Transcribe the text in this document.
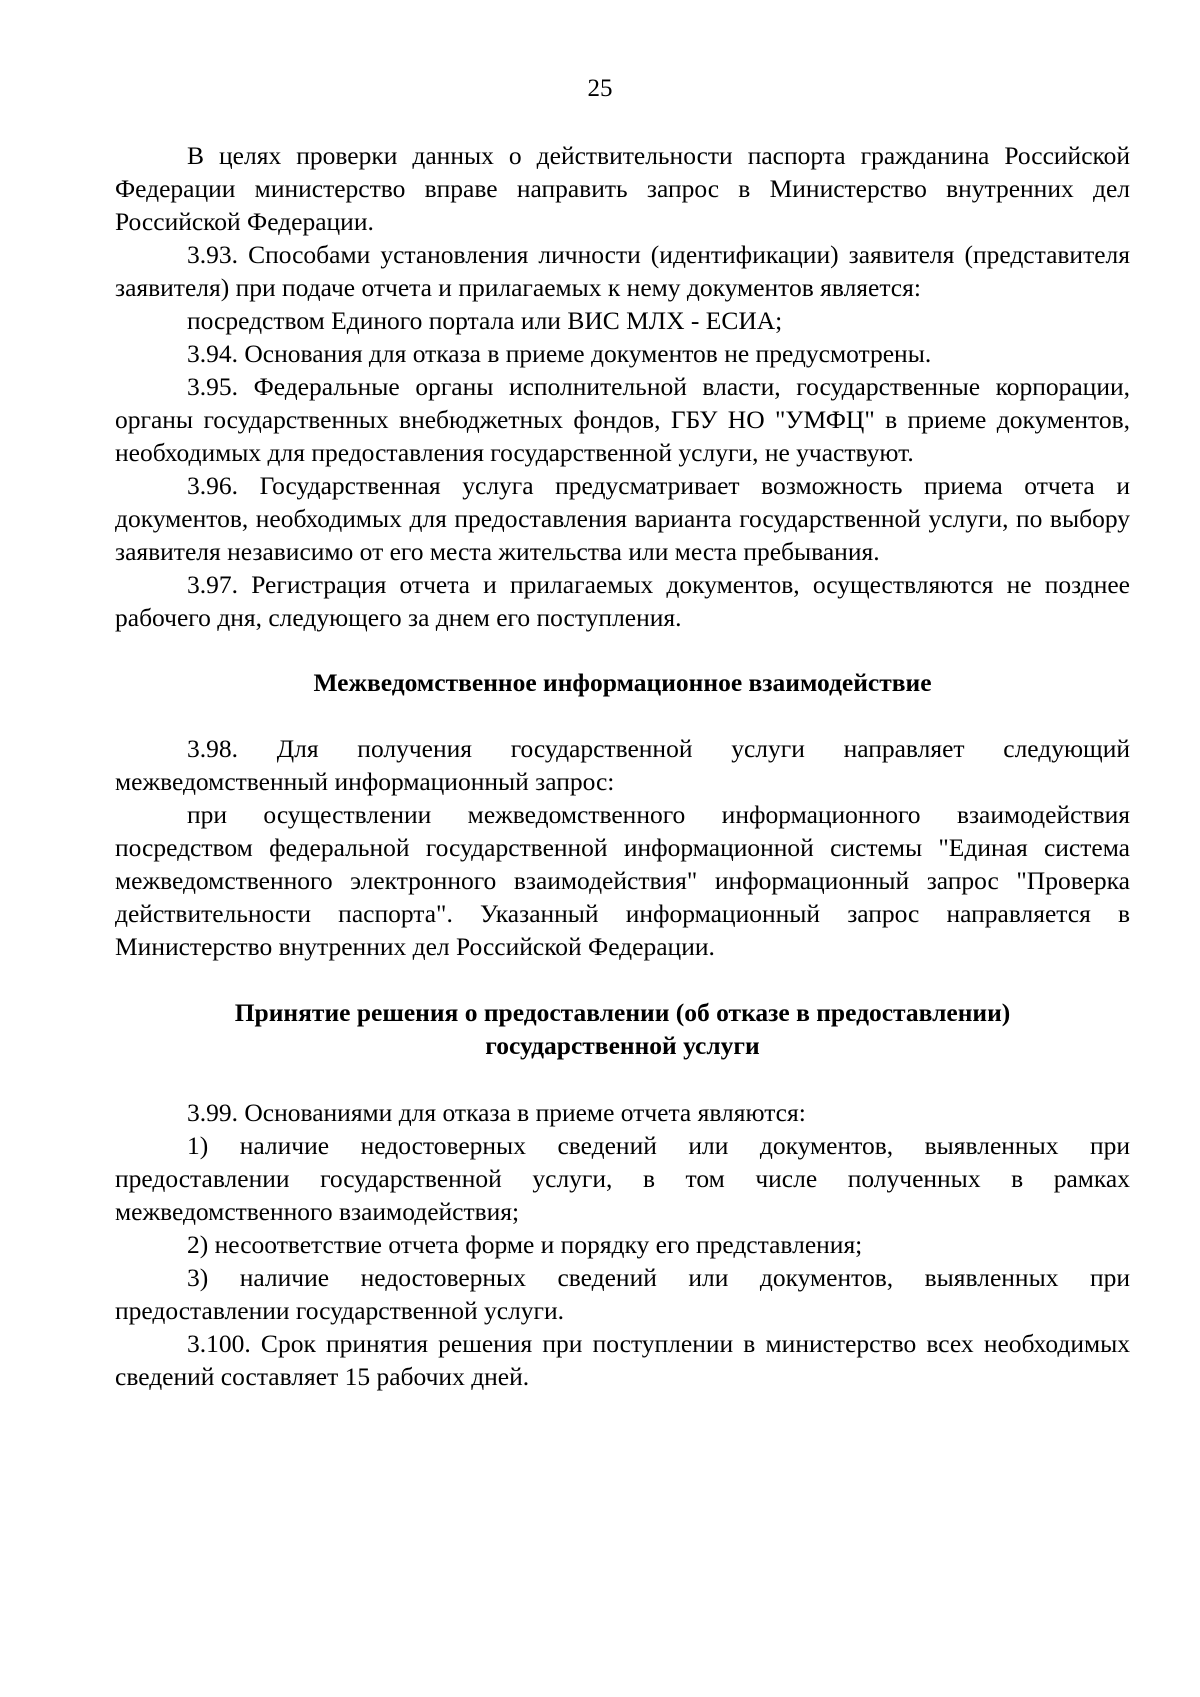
25

В целях проверки данных о действительности паспорта гражданина Российской Федерации министерство вправе направить запрос в Министерство внутренних дел Российской Федерации.

3.93. Способами установления личности (идентификации) заявителя (представителя заявителя) при подаче отчета и прилагаемых к нему документов является:

посредством Единого портала или ВИС МЛХ - ЕСИА;

3.94. Основания для отказа в приеме документов не предусмотрены.

3.95. Федеральные органы исполнительной власти, государственные корпорации, органы государственных внебюджетных фондов, ГБУ НО "УМФЦ" в приеме документов, необходимых для предоставления государственной услуги, не участвуют.

3.96. Государственная услуга предусматривает возможность приема отчета и документов, необходимых для предоставления варианта государственной услуги, по выбору заявителя независимо от его места жительства или места пребывания.

3.97. Регистрация отчета и прилагаемых документов, осуществляются не позднее рабочего дня, следующего за днем его поступления.

Межведомственное информационное взаимодействие

3.98. Для получения государственной услуги направляет следующий межведомственный информационный запрос:

при осуществлении межведомственного информационного взаимодействия посредством федеральной государственной информационной системы "Единая система межведомственного электронного взаимодействия" информационный запрос "Проверка действительности паспорта". Указанный информационный запрос направляется в Министерство внутренних дел Российской Федерации.

Принятие решения о предоставлении (об отказе в предоставлении)
государственной услуги

3.99. Основаниями для отказа в приеме отчета являются:

1) наличие недостоверных сведений или документов, выявленных при предоставлении государственной услуги, в том числе полученных в рамках межведомственного взаимодействия;

2) несоответствие отчета форме и порядку его представления;

3) наличие недостоверных сведений или документов, выявленных при предоставлении государственной услуги.

3.100. Срок принятия решения при поступлении в министерство всех необходимых сведений составляет 15 рабочих дней.
